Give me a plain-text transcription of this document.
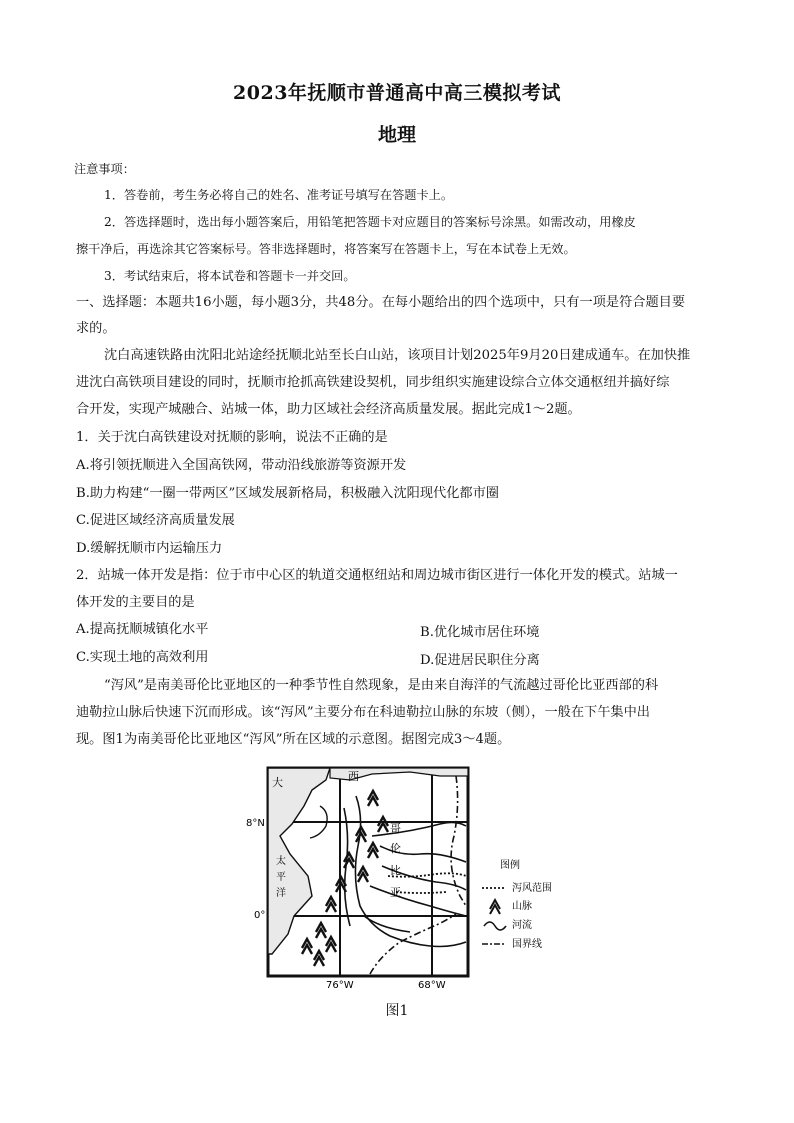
2023年抚顺市普通高中高三模拟考试
地理
注意事项：
1．答卷前，考生务必将自己的姓名、准考证号填写在答题卡上。
2．答选择题时，选出每小题答案后，用铅笔把答题卡对应题目的答案标号涂黑。如需改动，用橡皮
擦干净后，再选涂其它答案标号。答非选择题时，将答案写在答题卡上，写在本试卷上无效。
3．考试结束后，将本试卷和答题卡一并交回。
一、选择题：本题共16小题，每小题3分，共48分。在每小题给出的四个选项中，只有一项是符合题目要
求的。
沈白高速铁路由沈阳北站途经抚顺北站至长白山站，该项目计划2025年9月20日建成通车。在加快推
进沈白高铁项目建设的同时，抚顺市抢抓高铁建设契机，同步组织实施建设综合立体交通枢纽并搞好综
合开发，实现产城融合、站城一体，助力区域社会经济高质量发展。据此完成1～2题。
1．关于沈白高铁建设对抚顺的影响，说法不正确的是
A.将引领抚顺进入全国高铁网，带动沿线旅游等资源开发
B.助力构建“一圈一带两区”区域发展新格局，积极融入沈阳现代化都市圈
C.促进区域经济高质量发展
D.缓解抚顺市内运输压力
2．站城一体开发是指：位于市中心区的轨道交通枢纽站和周边城市街区进行一体化开发的模式。站城一
体开发的主要目的是
A.提高抚顺城镇化水平	B.优化城市居住环境
C.实现土地的高效利用	D.促进居民职住分离
“泻风”是南美哥伦比亚地区的一种季节性自然现象，是由来自海洋的气流越过哥伦比亚西部的科
迪勒拉山脉后快速下沉而形成。该“泻风”主要分布在科迪勒拉山脉的东坡（侧），一般在下午集中出
现。图1为南美哥伦比亚地区“泻风”所在区域的示意图。据图完成3～4题。
大	西
太
平
洋
哥
伦
比
亚
8°N
0°
76°W	68°W
图例
泻风范围
山脉
河流
国界线
图1
